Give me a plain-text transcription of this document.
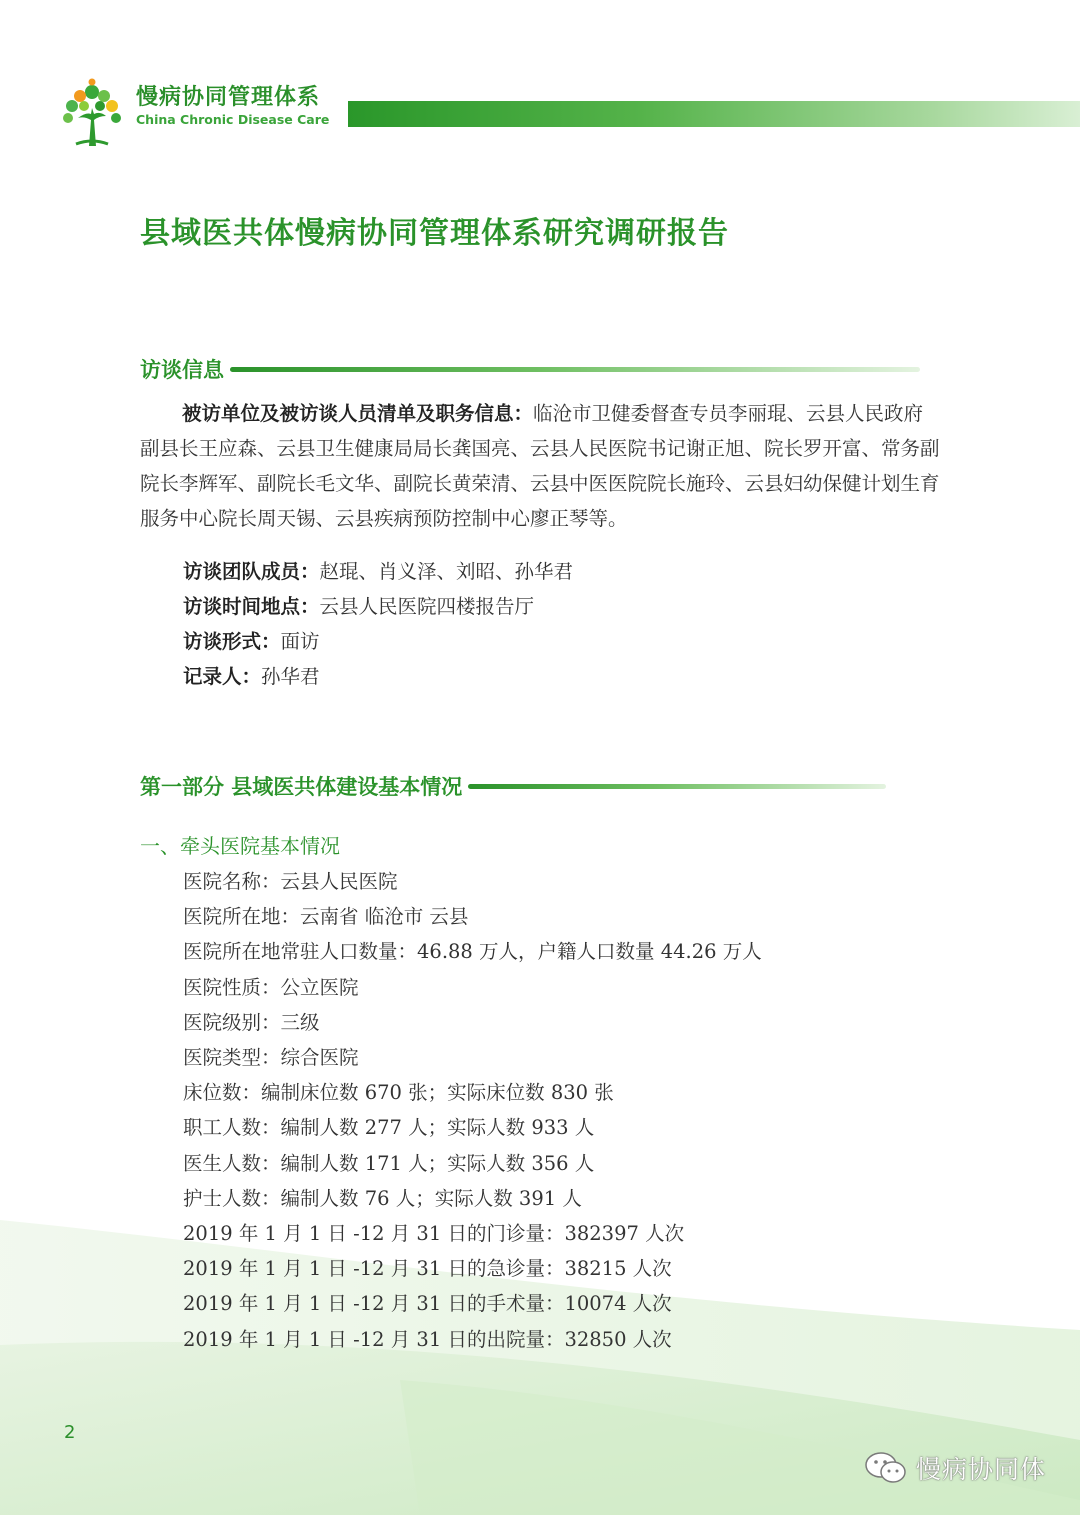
慢病协同管理体系
China Chronic Disease Care
县域医共体慢病协同管理体系研究调研报告
访谈信息

被访单位及被访谈人员清单及职务信息：临沧市卫健委督查专员李丽琨、云县人民政府副县长王应森、云县卫生健康局局长龚国亮、云县人民医院书记谢正旭、院长罗开富、常务副院长李辉军、副院长毛文华、副院长黄荣清、云县中医医院院长施玲、云县妇幼保健计划生育服务中心院长周天锡、云县疾病预防控制中心廖正琴等。

访谈团队成员：赵琨、肖义泽、刘昭、孙华君
访谈时间地点：云县人民医院四楼报告厅
访谈形式：面访
记录人：孙华君
第一部分 县域医共体建设基本情况
一、牵头医院基本情况
医院名称：云县人民医院
医院所在地：云南省 临沧市 云县
医院所在地常驻人口数量：46.88 万人，户籍人口数量 44.26 万人
医院性质：公立医院
医院级别：三级
医院类型：综合医院
床位数：编制床位数 670 张；实际床位数 830 张
职工人数：编制人数 277 人；实际人数 933 人
医生人数：编制人数 171 人；实际人数 356 人
护士人数：编制人数 76 人；实际人数 391 人
2019 年 1 月 1 日 -12 月 31 日的门诊量：382397 人次
2019 年 1 月 1 日 -12 月 31 日的急诊量：38215 人次
2019 年 1 月 1 日 -12 月 31 日的手术量：10074 人次
2019 年 1 月 1 日 -12 月 31 日的出院量：32850 人次
2
慢病协同体
